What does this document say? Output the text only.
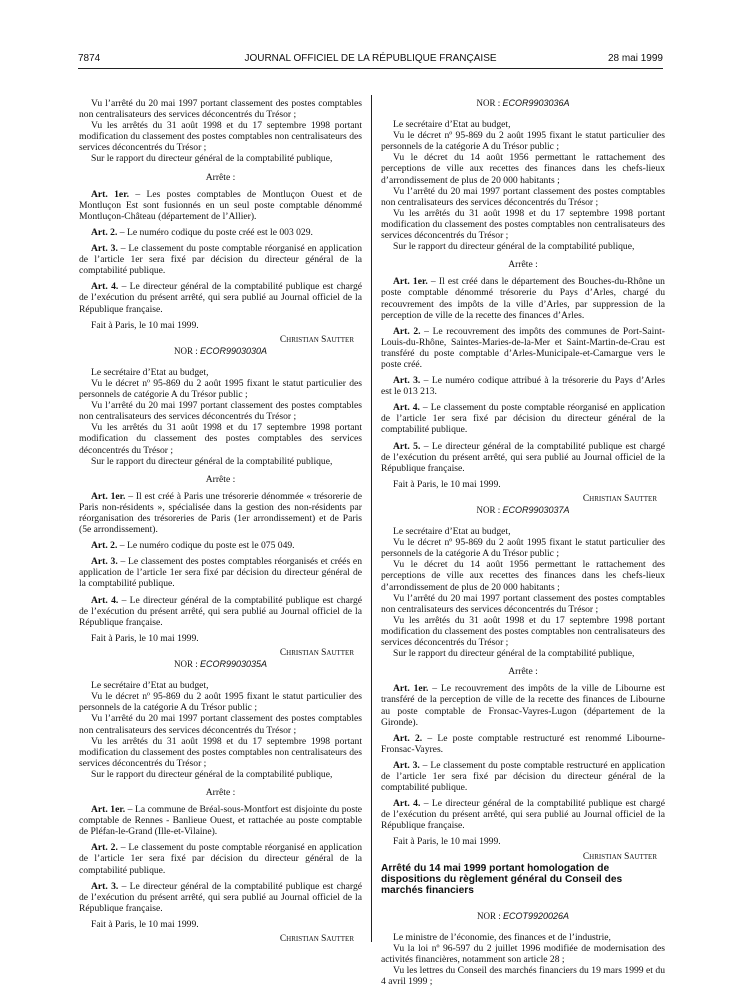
7874	JOURNAL OFFICIEL DE LA RÉPUBLIQUE FRANÇAISE	28 mai 1999

Vu l’arrêté du 20 mai 1997 portant classement des postes comptables non centralisateurs des services déconcentrés du Trésor ;

Vu les arrêtés du 31 août 1998 et du 17 septembre 1998 portant modification du classement des postes comptables non centralisateurs des services déconcentrés du Trésor ;

Sur le rapport du directeur général de la comptabilité publique,

Arrête :

Art. 1er. – Les postes comptables de Montluçon Ouest et de Montluçon Est sont fusionnés en un seul poste comptable dénommé Montluçon-Château (département de l’Allier).

Art. 2. – Le numéro codique du poste créé est le 003 029.

Art. 3. – Le classement du poste comptable réorganisé en application de l’article 1er sera fixé par décision du directeur général de la comptabilité publique.

Art. 4. – Le directeur général de la comptabilité publique est chargé de l’exécution du présent arrêté, qui sera publié au Journal officiel de la République française.

Fait à Paris, le 10 mai 1999.

Christian Sautter

NOR : ECOR9903030A

Le secrétaire d’Etat au budget,

Vu le décret nº 95-869 du 2 août 1995 fixant le statut particulier des personnels de catégorie A du Trésor public ;

Vu l’arrêté du 20 mai 1997 portant classement des postes comptables non centralisateurs des services déconcentrés du Trésor ;

Vu les arrêtés du 31 août 1998 et du 17 septembre 1998 portant modification du classement des postes comptables des services déconcentrés du Trésor ;

Sur le rapport du directeur général de la comptabilité publique,

Arrête :

Art. 1er. – Il est créé à Paris une trésorerie dénommée « trésorerie de Paris non-résidents », spécialisée dans la gestion des non-résidents par réorganisation des trésoreries de Paris (1er arrondissement) et de Paris (5e arrondissement).

Art. 2. – Le numéro codique du poste est le 075 049.

Art. 3. – Le classement des postes comptables réorganisés et créés en application de l’article 1er sera fixé par décision du directeur général de la comptabilité publique.

Art. 4. – Le directeur général de la comptabilité publique est chargé de l’exécution du présent arrêté, qui sera publié au Journal officiel de la République française.

Fait à Paris, le 10 mai 1999.

Christian Sautter

NOR : ECOR9903035A

Le secrétaire d’Etat au budget,

Vu le décret nº 95-869 du 2 août 1995 fixant le statut particulier des personnels de la catégorie A du Trésor public ;

Vu l’arrêté du 20 mai 1997 portant classement des postes comptables non centralisateurs des services déconcentrés du Trésor ;

Vu les arrêtés du 31 août 1998 et du 17 septembre 1998 portant modification du classement des postes comptables non centralisateurs des services déconcentrés du Trésor ;

Sur le rapport du directeur général de la comptabilité publique,

Arrête :

Art. 1er. – La commune de Bréal-sous-Montfort est disjointe du poste comptable de Rennes - Banlieue Ouest, et rattachée au poste comptable de Pléfan-le-Grand (Ille-et-Vilaine).

Art. 2. – Le classement du poste comptable réorganisé en application de l’article 1er sera fixé par décision du directeur général de la comptabilité publique.

Art. 3. – Le directeur général de la comptabilité publique est chargé de l’exécution du présent arrêté, qui sera publié au Journal officiel de la République française.

Fait à Paris, le 10 mai 1999.

Christian Sautter

NOR : ECOR9903036A

Le secrétaire d’Etat au budget,

Vu le décret nº 95-869 du 2 août 1995 fixant le statut particulier des personnels de la catégorie A du Trésor public ;

Vu le décret du 14 août 1956 permettant le rattachement des perceptions de ville aux recettes des finances dans les chefs-lieux d’arrondissement de plus de 20 000 habitants ;

Vu l’arrêté du 20 mai 1997 portant classement des postes comptables non centralisateurs des services déconcentrés du Trésor ;

Vu les arrêtés du 31 août 1998 et du 17 septembre 1998 portant modification du classement des postes comptables non centralisateurs des services déconcentrés du Trésor ;

Sur le rapport du directeur général de la comptabilité publique,

Arrête :

Art. 1er. – Il est créé dans le département des Bouches-du-Rhône un poste comptable dénommé trésorerie du Pays d’Arles, chargé du recouvrement des impôts de la ville d’Arles, par suppression de la perception de ville de la recette des finances d’Arles.

Art. 2. – Le recouvrement des impôts des communes de Port-Saint-Louis-du-Rhône, Saintes-Maries-de-la-Mer et Saint-Martin-de-Crau est transféré du poste comptable d’Arles-Municipale-et-Camargue vers le poste créé.

Art. 3. – Le numéro codique attribué à la trésorerie du Pays d’Arles est le 013 213.

Art. 4. – Le classement du poste comptable réorganisé en application de l’article 1er sera fixé par décision du directeur général de la comptabilité publique.

Art. 5. – Le directeur général de la comptabilité publique est chargé de l’exécution du présent arrêté, qui sera publié au Journal officiel de la République française.

Fait à Paris, le 10 mai 1999.

Christian Sautter

NOR : ECOR9903037A

Le secrétaire d’Etat au budget,

Vu le décret nº 95-869 du 2 août 1995 fixant le statut particulier des personnels de la catégorie A du Trésor public ;

Vu le décret du 14 août 1956 permettant le rattachement des perceptions de ville aux recettes des finances dans les chefs-lieux d’arrondissement de plus de 20 000 habitants ;

Vu l’arrêté du 20 mai 1997 portant classement des postes comptables non centralisateurs des services déconcentrés du Trésor ;

Vu les arrêtés du 31 août 1998 et du 17 septembre 1998 portant modification du classement des postes comptables non centralisateurs des services déconcentrés du Trésor ;

Sur le rapport du directeur général de la comptabilité publique,

Arrête :

Art. 1er. – Le recouvrement des impôts de la ville de Libourne est transféré de la perception de ville de la recette des finances de Libourne au poste comptable de Fronsac-Vayres-Lugon (département de la Gironde).

Art. 2. – Le poste comptable restructuré est renommé Libourne-Fronsac-Vayres.

Art. 3. – Le classement du poste comptable restructuré en application de l’article 1er sera fixé par décision du directeur général de la comptabilité publique.

Art. 4. – Le directeur général de la comptabilité publique est chargé de l’exécution du présent arrêté, qui sera publié au Journal officiel de la République française.

Fait à Paris, le 10 mai 1999.

Christian Sautter

Arrêté du 14 mai 1999 portant homologation de dispositions du règlement général du Conseil des marchés financiers

NOR : ECOT9920026A

Le ministre de l’économie, des finances et de l’industrie,

Vu la loi nº 96-597 du 2 juillet 1996 modifiée de modernisation des activités financières, notamment son article 28 ;

Vu les lettres du Conseil des marchés financiers du 19 mars 1999 et du 4 avril 1999 ;
